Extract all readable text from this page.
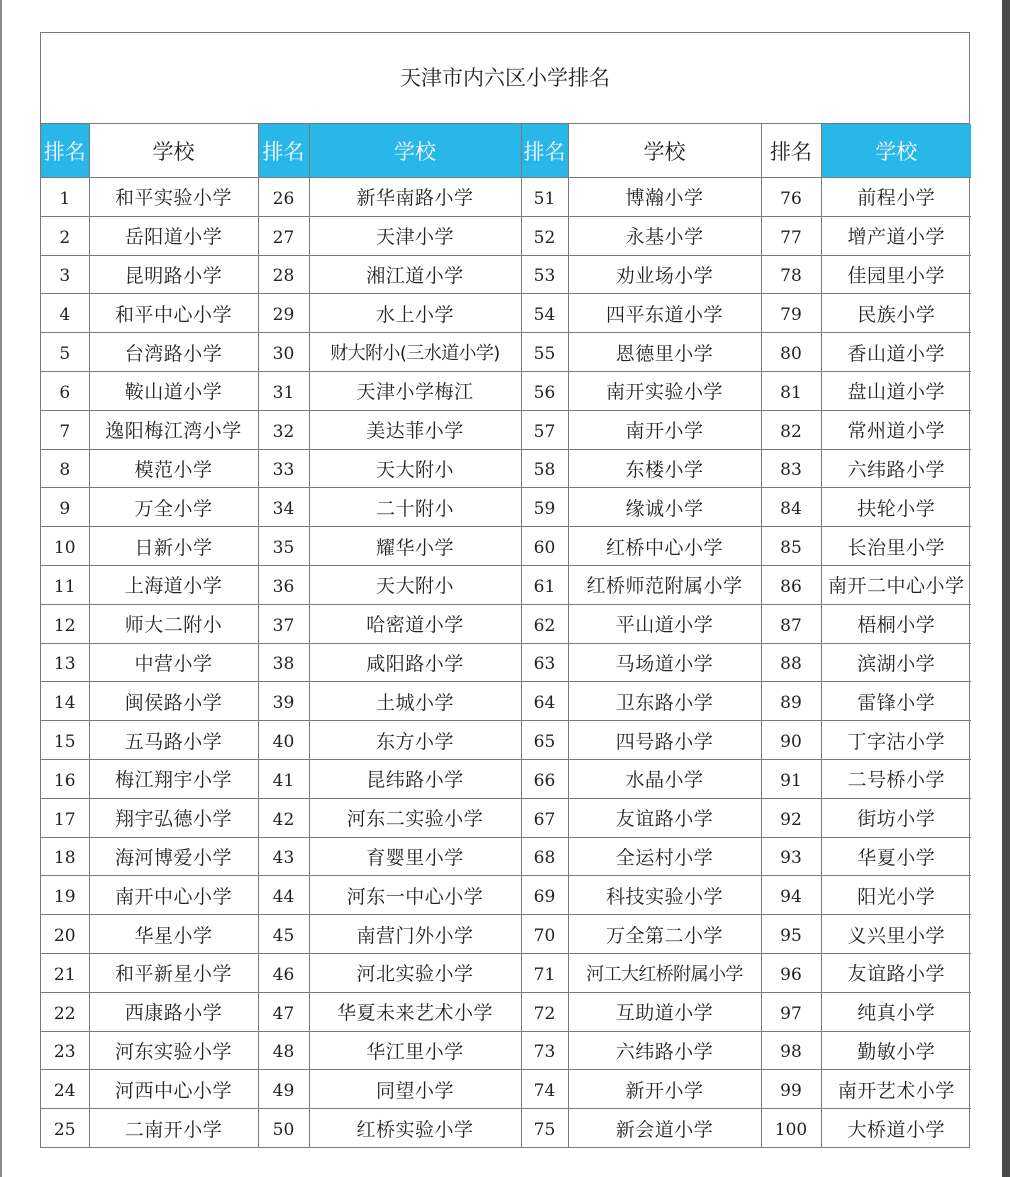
天津市内六区小学排名
排名	学校	排名	学校	排名	学校	排名	学校
1	和平实验小学	26	新华南路小学	51	博瀚小学	76	前程小学
2	岳阳道小学	27	天津小学	52	永基小学	77	增产道小学
3	昆明路小学	28	湘江道小学	53	劝业场小学	78	佳园里小学
4	和平中心小学	29	水上小学	54	四平东道小学	79	民族小学
5	台湾路小学	30	财大附小(三水道小学)	55	恩德里小学	80	香山道小学
6	鞍山道小学	31	天津小学梅江	56	南开实验小学	81	盘山道小学
7	逸阳梅江湾小学	32	美达菲小学	57	南开小学	82	常州道小学
8	模范小学	33	天大附小	58	东楼小学	83	六纬路小学
9	万全小学	34	二十附小	59	缘诚小学	84	扶轮小学
10	日新小学	35	耀华小学	60	红桥中心小学	85	长治里小学
11	上海道小学	36	天大附小	61	红桥师范附属小学	86	南开二中心小学
12	师大二附小	37	哈密道小学	62	平山道小学	87	梧桐小学
13	中营小学	38	咸阳路小学	63	马场道小学	88	滨湖小学
14	闽侯路小学	39	土城小学	64	卫东路小学	89	雷锋小学
15	五马路小学	40	东方小学	65	四号路小学	90	丁字沽小学
16	梅江翔宇小学	41	昆纬路小学	66	水晶小学	91	二号桥小学
17	翔宇弘德小学	42	河东二实验小学	67	友谊路小学	92	街坊小学
18	海河博爱小学	43	育婴里小学	68	全运村小学	93	华夏小学
19	南开中心小学	44	河东一中心小学	69	科技实验小学	94	阳光小学
20	华星小学	45	南营门外小学	70	万全第二小学	95	义兴里小学
21	和平新星小学	46	河北实验小学	71	河工大红桥附属小学	96	友谊路小学
22	西康路小学	47	华夏未来艺术小学	72	互助道小学	97	纯真小学
23	河东实验小学	48	华江里小学	73	六纬路小学	98	勤敏小学
24	河西中心小学	49	同望小学	74	新开小学	99	南开艺术小学
25	二南开小学	50	红桥实验小学	75	新会道小学	100	大桥道小学
